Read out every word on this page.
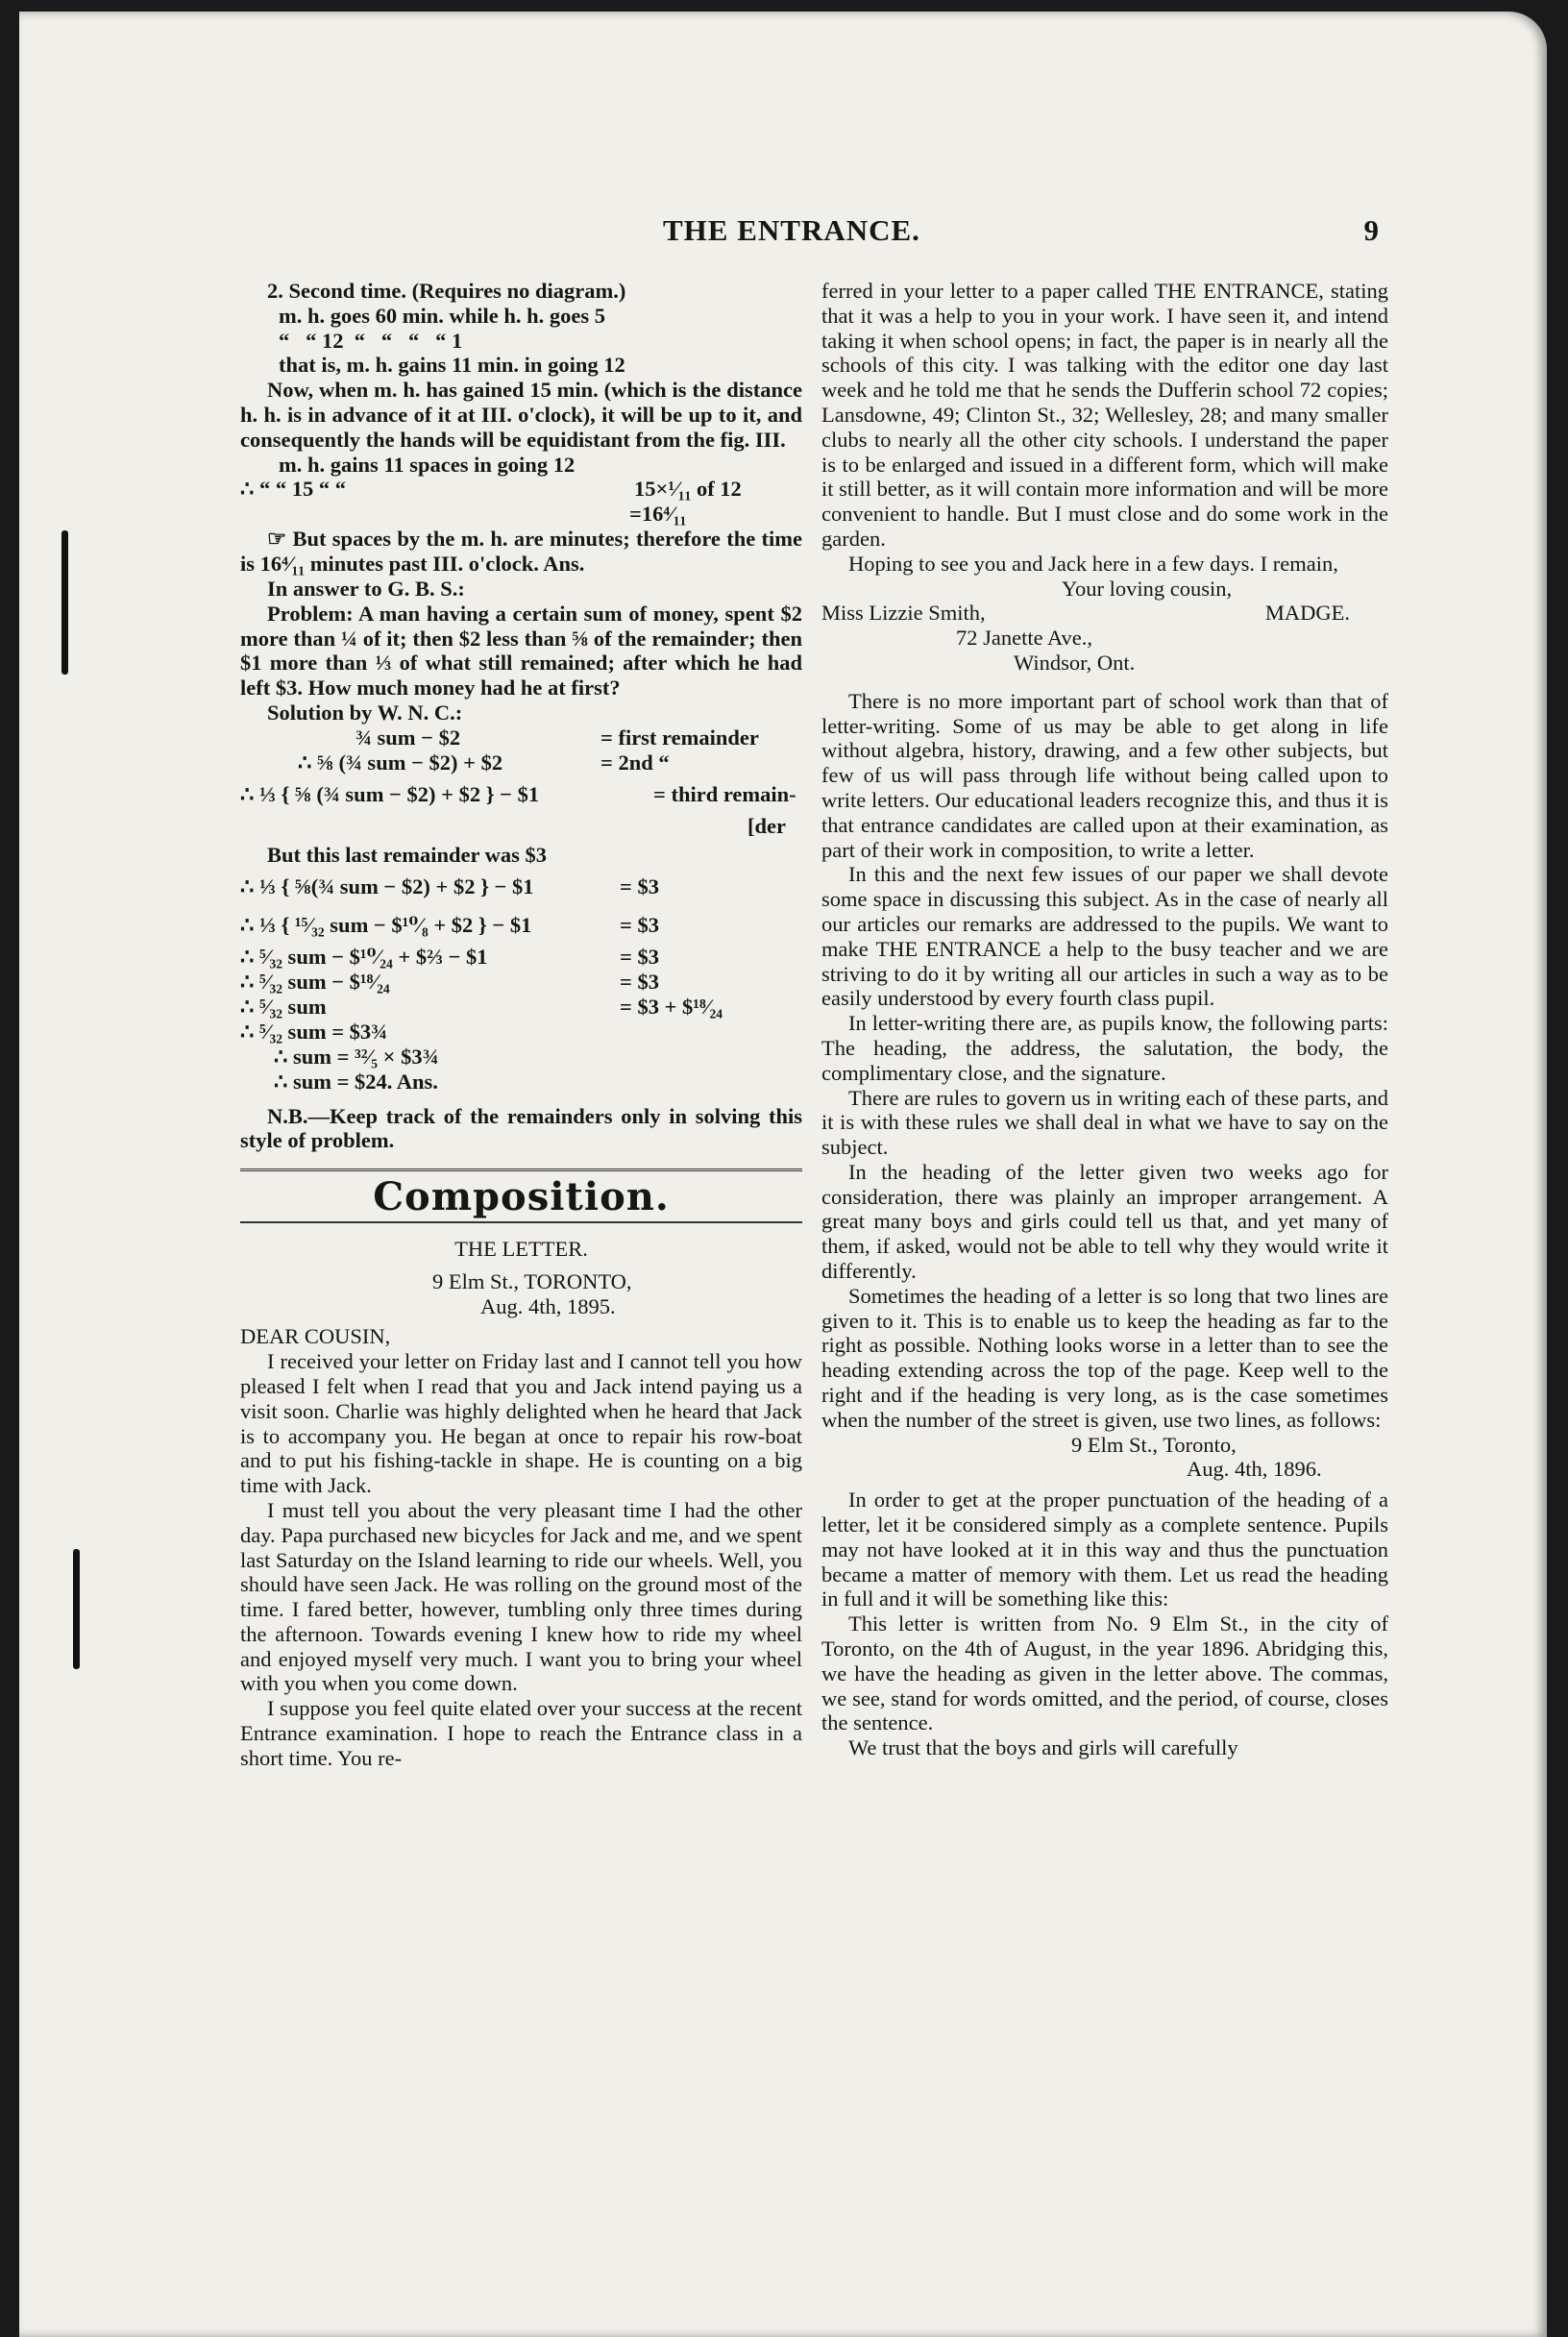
THE ENTRANCE.	9

2. Second time. (Requires no diagram.)

m. h. goes 60 min. while h. h. goes 5

“   “ 12  “   “   “   “ 1

that is, m. h. gains 11 min. in going 12

Now, when m. h. has gained 15 min. (which is the distance h. h. is in advance of it at III. o'clock), it will be up to it, and consequently the hands will be equidistant from the fig. III.

m. h. gains 11 spaces in going 12

∴ “ “ 15 “ “	15×¹⁄₁₁ of 12
=16⁴⁄₁₁

☞ But spaces by the m. h. are minutes; therefore the time is 16⁴⁄₁₁ minutes past III. o'clock. Ans.

In answer to G. B. S.:

Problem: A man having a certain sum of money, spent $2 more than ¼ of it; then $2 less than ⅝ of the remainder; then $1 more than ⅓ of what still remained; after which he had left $3. How much money had he at first?

Solution by W. N. C.:

¾ sum − $2	= first remainder
∴ ⅝ (¾ sum − $2) + $2	= 2nd “
∴ ⅓ { ⅝ (¾ sum − $2) + $2 } − $1	= third remain-
[der

But this last remainder was $3

∴ ⅓ { ⅝(¾ sum − $2) + $2 } − $1	= $3
∴ ⅓ { ¹⁵⁄₃₂ sum − $¹⁰⁄₈ + $2 } − $1	= $3
∴ ⁵⁄₃₂ sum − $¹⁰⁄₂₄ + $⅔ − $1	= $3
∴ ⁵⁄₃₂ sum − $¹⁸⁄₂₄	= $3
∴ ⁵⁄₃₂ sum	= $3 + $¹⁸⁄₂₄
∴ ⁵⁄₃₂ sum = $3¾
∴ sum = ³²⁄₅ × $3¾
∴ sum = $24. Ans.

N.B.—Keep track of the remainders only in solving this style of problem.

Composition.

THE LETTER.

9 Elm St., TORONTO,

Aug. 4th, 1895.

DEAR COUSIN,

I received your letter on Friday last and I cannot tell you how pleased I felt when I read that you and Jack intend paying us a visit soon. Charlie was highly delighted when he heard that Jack is to accompany you. He began at once to repair his row-boat and to put his fishing-tackle in shape. He is counting on a big time with Jack.

I must tell you about the very pleasant time I had the other day. Papa purchased new bicycles for Jack and me, and we spent last Saturday on the Island learning to ride our wheels. Well, you should have seen Jack. He was rolling on the ground most of the time. I fared better, however, tumbling only three times during the afternoon. Towards evening I knew how to ride my wheel and enjoyed myself very much. I want you to bring your wheel with you when you come down.

I suppose you feel quite elated over your success at the recent Entrance examination. I hope to reach the Entrance class in a short time. You re-

ferred in your letter to a paper called THE ENTRANCE, stating that it was a help to you in your work. I have seen it, and intend taking it when school opens; in fact, the paper is in nearly all the schools of this city. I was talking with the editor one day last week and he told me that he sends the Dufferin school 72 copies; Lansdowne, 49; Clinton St., 32; Wellesley, 28; and many smaller clubs to nearly all the other city schools. I understand the paper is to be enlarged and issued in a different form, which will make it still better, as it will contain more information and will be more convenient to handle. But I must close and do some work in the garden.

Hoping to see you and Jack here in a few days. I remain,

Your loving cousin,

Miss Lizzie Smith,	MADGE.

72 Janette Ave.,

Windsor, Ont.

There is no more important part of school work than that of letter-writing. Some of us may be able to get along in life without algebra, history, drawing, and a few other subjects, but few of us will pass through life without being called upon to write letters. Our educational leaders recognize this, and thus it is that entrance candidates are called upon at their examination, as part of their work in composition, to write a letter.

In this and the next few issues of our paper we shall devote some space in discussing this subject. As in the case of nearly all our articles our remarks are addressed to the pupils. We want to make THE ENTRANCE a help to the busy teacher and we are striving to do it by writing all our articles in such a way as to be easily understood by every fourth class pupil.

In letter-writing there are, as pupils know, the following parts: The heading, the address, the salutation, the body, the complimentary close, and the signature.

There are rules to govern us in writing each of these parts, and it is with these rules we shall deal in what we have to say on the subject.

In the heading of the letter given two weeks ago for consideration, there was plainly an improper arrangement. A great many boys and girls could tell us that, and yet many of them, if asked, would not be able to tell why they would write it differently.

Sometimes the heading of a letter is so long that two lines are given to it. This is to enable us to keep the heading as far to the right as possible. Nothing looks worse in a letter than to see the heading extending across the top of the page. Keep well to the right and if the heading is very long, as is the case sometimes when the number of the street is given, use two lines, as follows:

9 Elm St., Toronto,

Aug. 4th, 1896.

In order to get at the proper punctuation of the heading of a letter, let it be considered simply as a complete sentence. Pupils may not have looked at it in this way and thus the punctuation became a matter of memory with them. Let us read the heading in full and it will be something like this:

This letter is written from No. 9 Elm St., in the city of Toronto, on the 4th of August, in the year 1896. Abridging this, we have the heading as given in the letter above. The commas, we see, stand for words omitted, and the period, of course, closes the sentence.

We trust that the boys and girls will carefully
